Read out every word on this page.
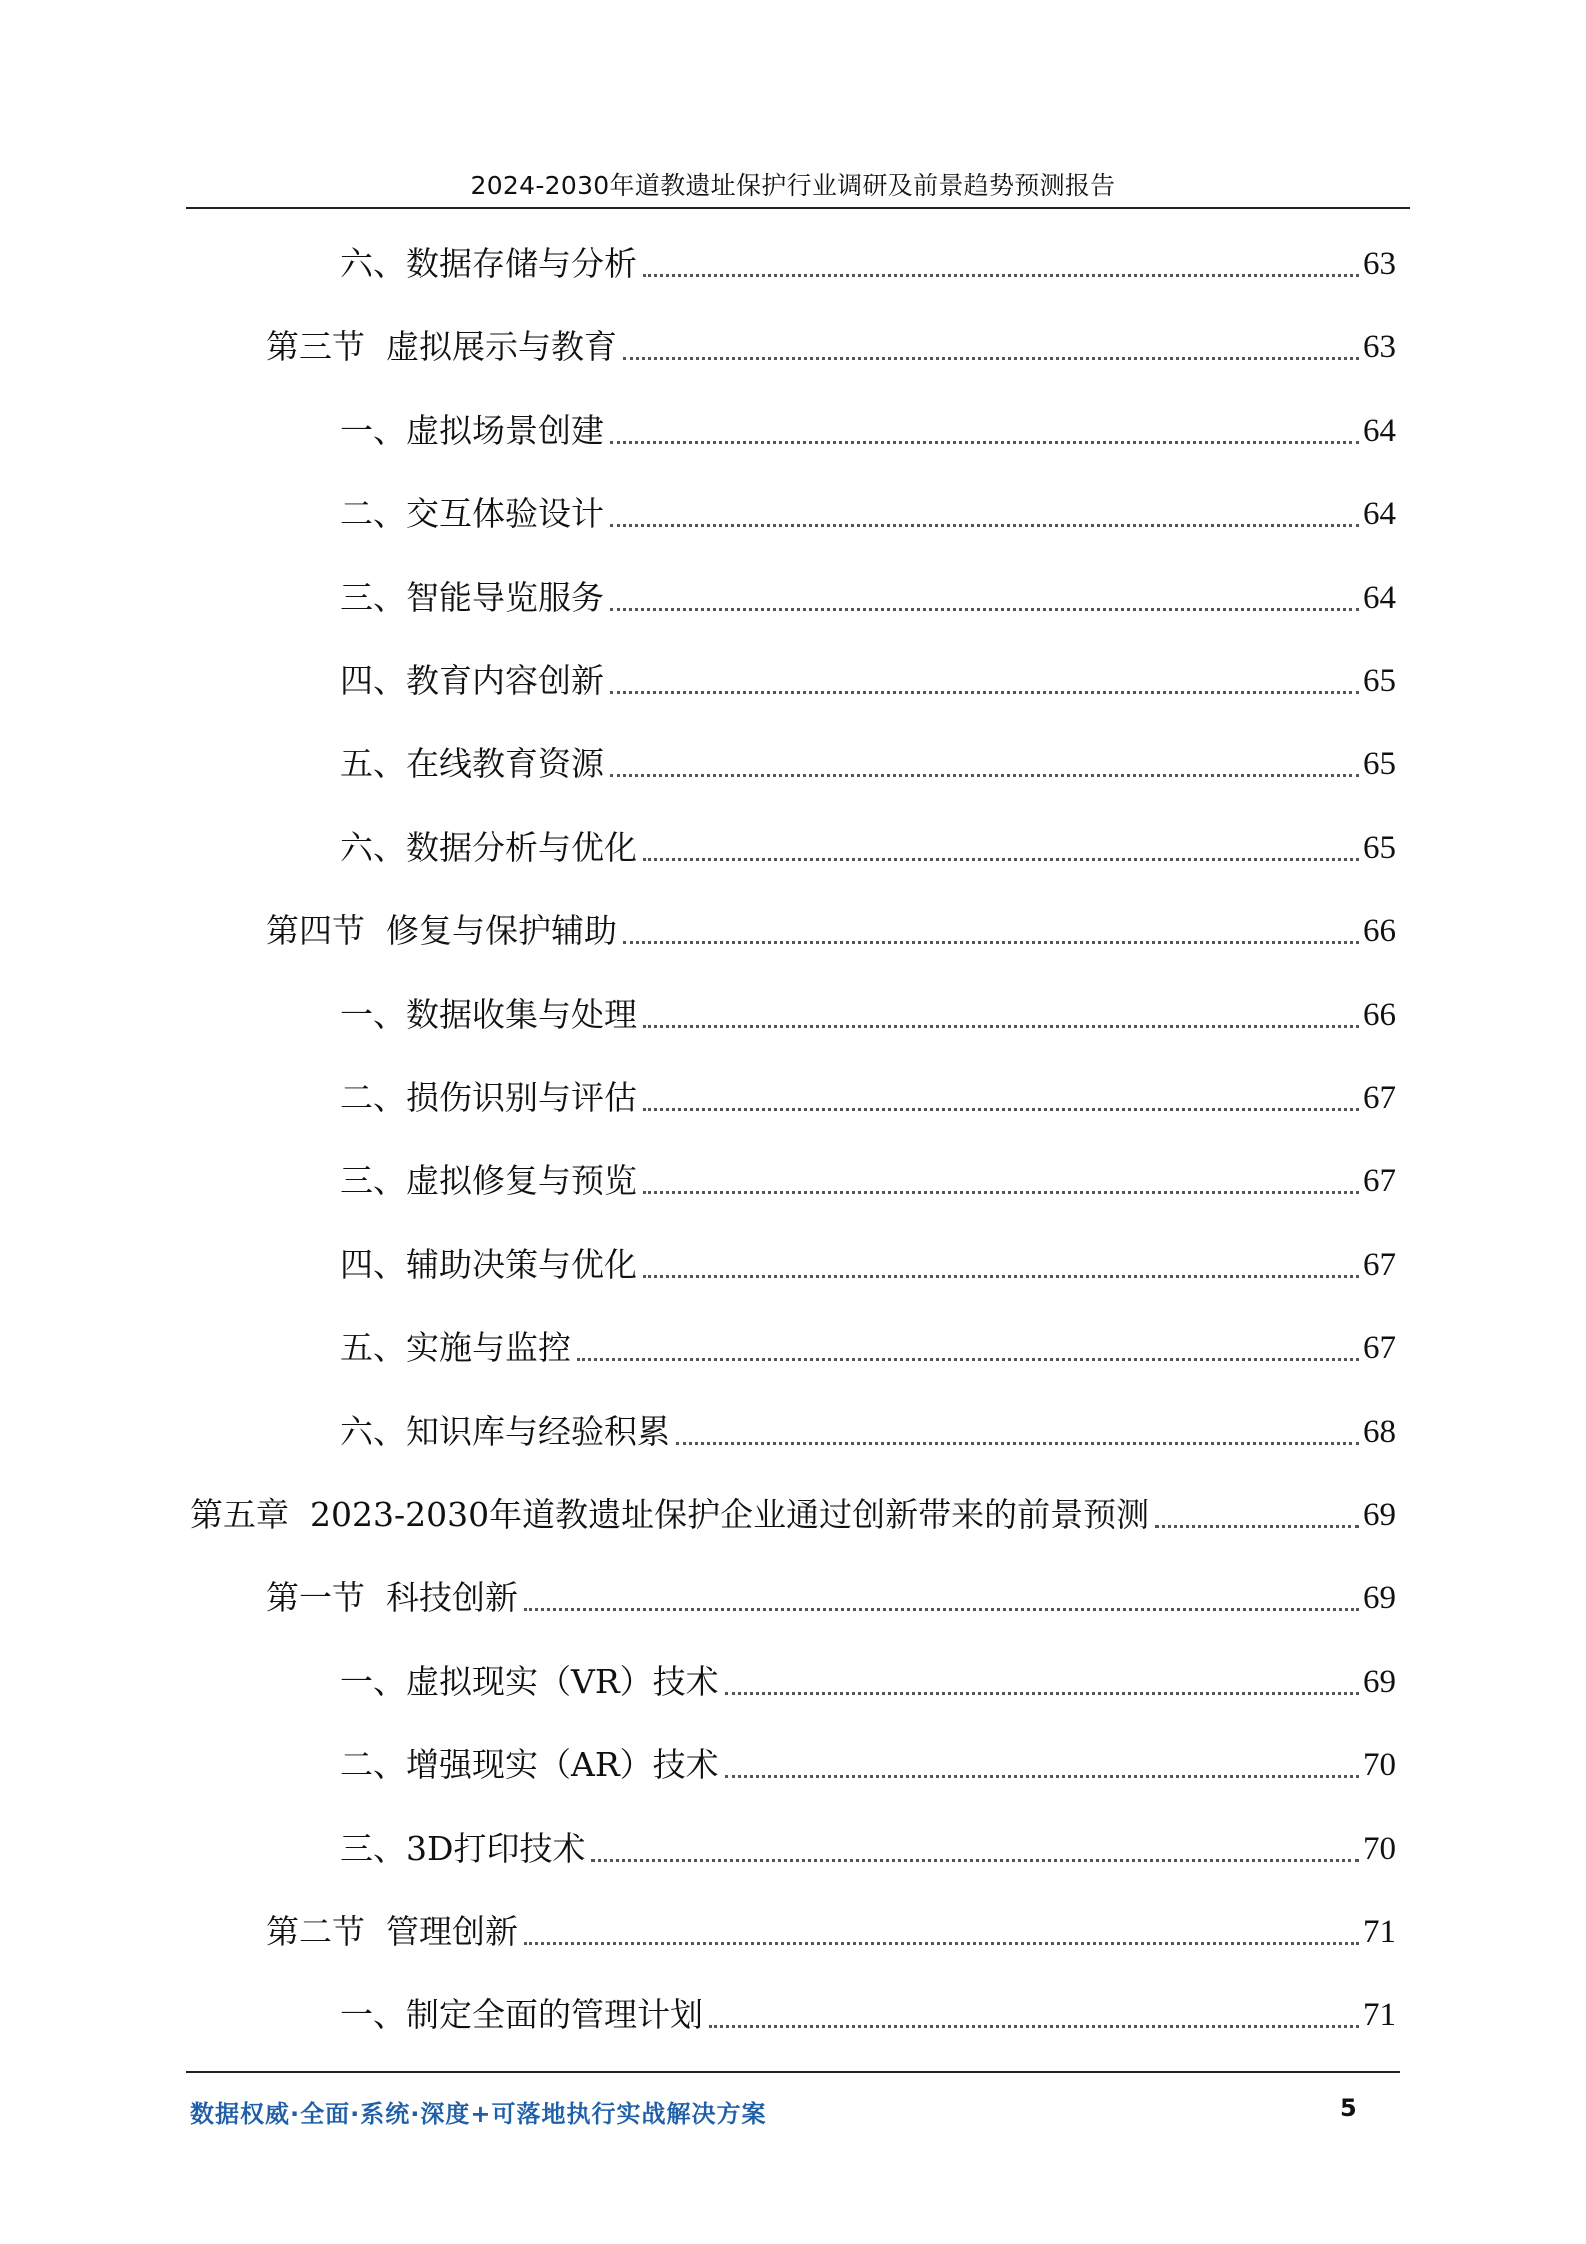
2024-2030年道教遗址保护行业调研及前景趋势预测报告
六、数据存储与分析	63
第三节  虚拟展示与教育	63
一、虚拟场景创建	64
二、交互体验设计	64
三、智能导览服务	64
四、教育内容创新	65
五、在线教育资源	65
六、数据分析与优化	65
第四节  修复与保护辅助	66
一、数据收集与处理	66
二、损伤识别与评估	67
三、虚拟修复与预览	67
四、辅助决策与优化	67
五、实施与监控	67
六、知识库与经验积累	68
第五章  2023-2030年道教遗址保护企业通过创新带来的前景预测	69
第一节  科技创新	69
一、虚拟现实（VR）技术	69
二、增强现实（AR）技术	70
三、3D打印技术	70
第二节  管理创新	71
一、制定全面的管理计划	71
数据权威·全面·系统·深度+可落地执行实战解决方案	5
